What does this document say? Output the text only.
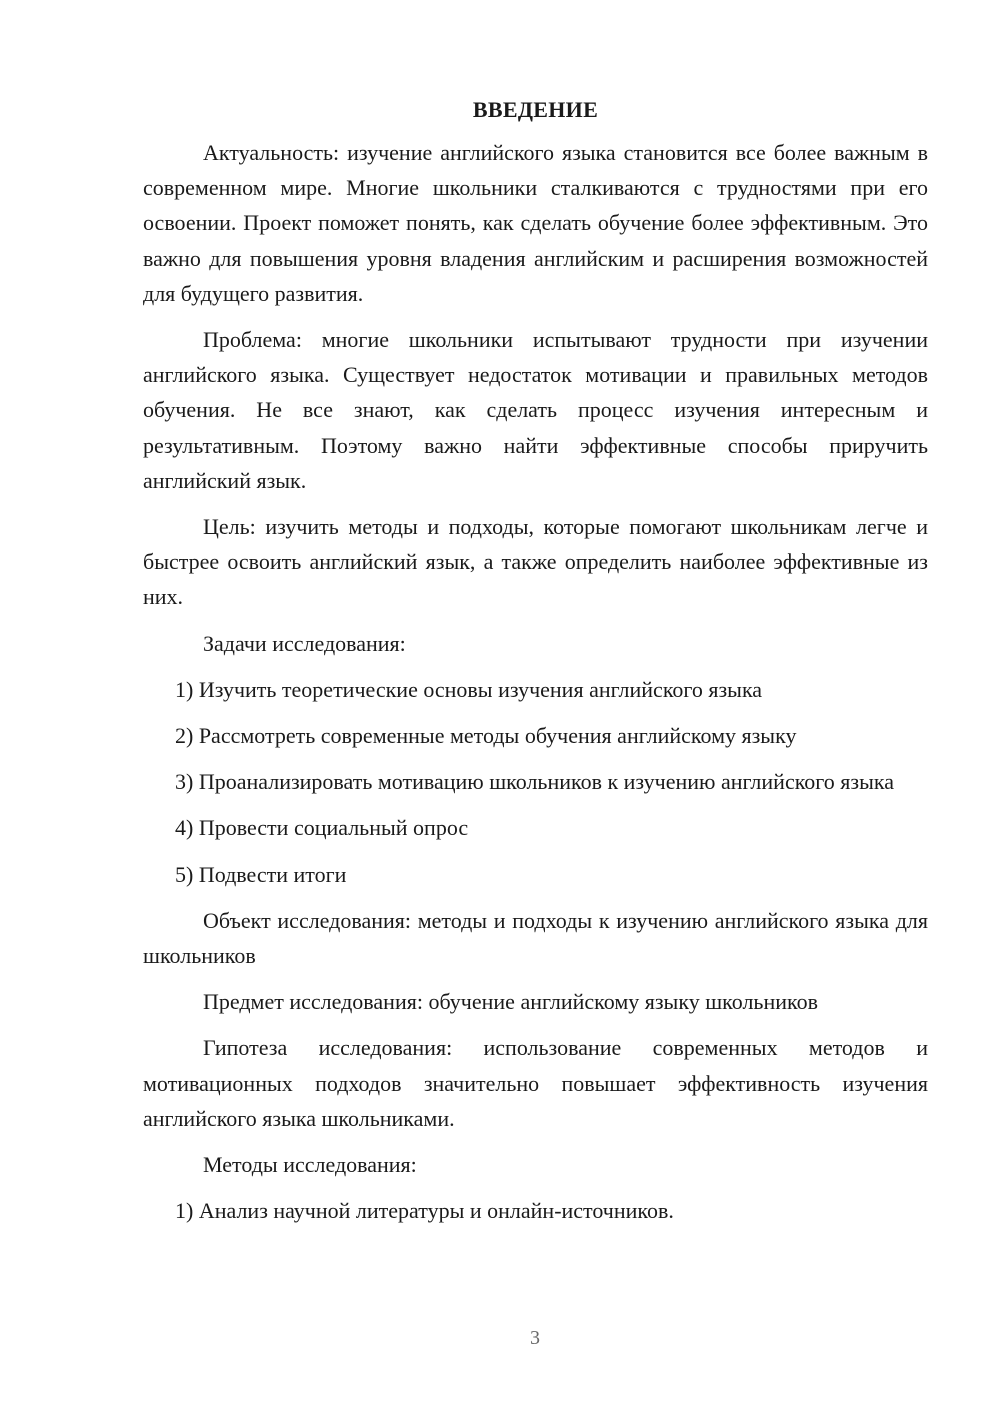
ВВЕДЕНИЕ

Актуальность: изучение английского языка становится все более важным в современном мире. Многие школьники сталкиваются с трудностями при его освоении. Проект поможет понять, как сделать обучение более эффективным. Это важно для повышения уровня владения английским и расширения возможностей для будущего развития.

Проблема: многие школьники испытывают трудности при изучении английского языка. Существует недостаток мотивации и правильных методов обучения. Не все знают, как сделать процесс изучения интересным и результативным. Поэтому важно найти эффективные способы приручить английский язык.

Цель: изучить методы и подходы, которые помогают школьникам легче и быстрее освоить английский язык, а также определить наиболее эффективные из них.

Задачи исследования:

1) Изучить теоретические основы изучения английского языка

2) Рассмотреть современные методы обучения английскому языку

3) Проанализировать мотивацию школьников к изучению английского языка

4) Провести социальный опрос

5) Подвести итоги

Объект исследования: методы и подходы к изучению английского языка для школьников

Предмет исследования: обучение английскому языку школьников

Гипотеза исследования: использование современных методов и мотивационных подходов значительно повышает эффективность изучения английского языка школьниками.

Методы исследования:

1) Анализ научной литературы и онлайн-источников.

3
